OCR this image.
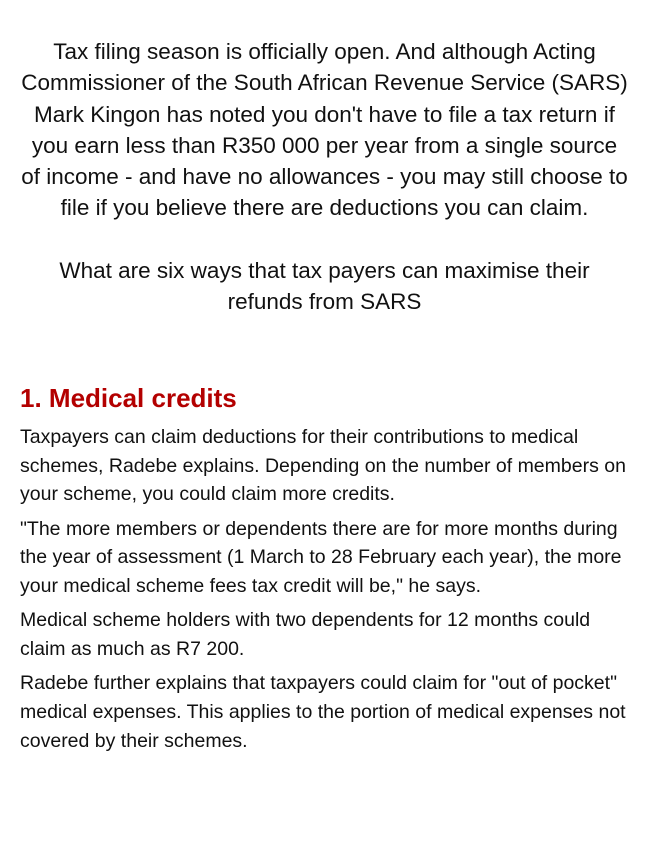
Tax filing season is officially open. And although Acting Commissioner of the South African Revenue Service (SARS) Mark Kingon has noted you don't have to file a tax return if you earn less than R350 000 per year from a single source of income - and have no allowances - you may still choose to file if you believe there are deductions you can claim.

What are six ways that tax payers can maximise their refunds from SARS

1. Medical credits

Taxpayers can claim deductions for their contributions to medical schemes, Radebe explains. Depending on the number of members on your scheme, you could claim more credits.

"The more members or dependents there are for more months during the year of assessment (1 March to 28 February each year), the more your medical scheme fees tax credit will be," he says.

Medical scheme holders with two dependents for 12 months could claim as much as R7 200.

Radebe further explains that taxpayers could claim for "out of pocket" medical expenses. This applies to the portion of medical expenses not covered by their schemes.
